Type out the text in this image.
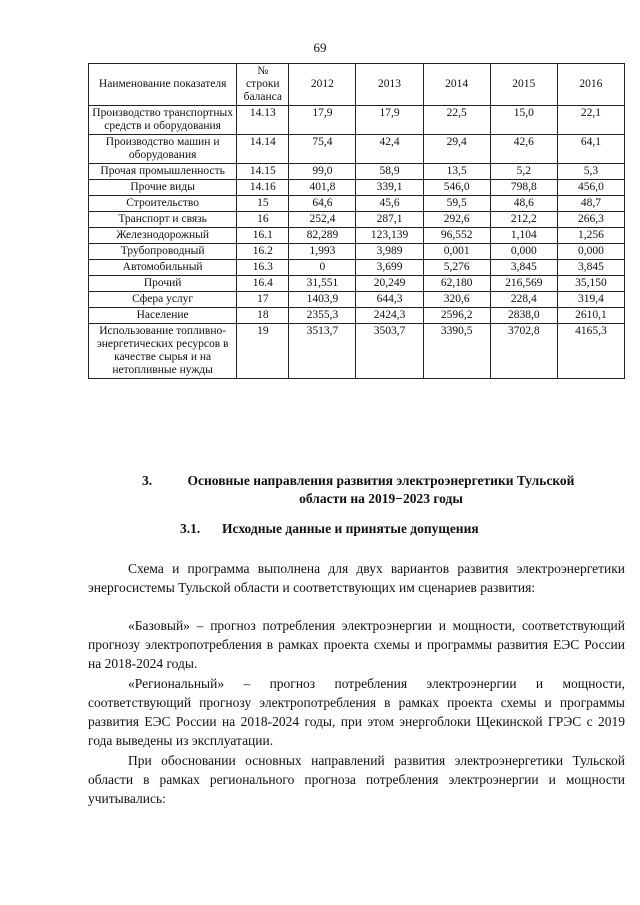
69
Наименование показателя	№ строки баланса	2012	2013	2014	2015	2016
Производство транспортных средств и оборудования	14.13	17,9	17,9	22,5	15,0	22,1
Производство машин и оборудования	14.14	75,4	42,4	29,4	42,6	64,1
Прочая промышленность	14.15	99,0	58,9	13,5	5,2	5,3
Прочие виды	14.16	401,8	339,1	546,0	798,8	456,0
Строительство	15	64,6	45,6	59,5	48,6	48,7
Транспорт и связь	16	252,4	287,1	292,6	212,2	266,3
Железнодорожный	16.1	82,289	123,139	96,552	1,104	1,256
Трубопроводный	16.2	1,993	3,989	0,001	0,000	0,000
Автомобильный	16.3	0	3,699	5,276	3,845	3,845
Прочий	16.4	31,551	20,249	62,180	216,569	35,150
Сфера услуг	17	1403,9	644,3	320,6	228,4	319,4
Население	18	2355,3	2424,3	2596,2	2838,0	2610,1
Использование топливно-энергетических ресурсов в качестве сырья и на нетопливные нужды	19	3513,7	3503,7	3390,5	3702,8	4165,3
3.	Основные направления развития электроэнергетики Тульской области на 2019−2023 годы
3.1. Исходные данные и принятые допущения

Схема и программа выполнена для двух вариантов развития электроэнергетики энергосистемы Тульской области и соответствующих им сценариев развития:

«Базовый» – прогноз потребления электроэнергии и мощности, соответствующий прогнозу электропотребления в рамках проекта схемы и программы развития ЕЭС России на 2018-2024 годы.

«Региональный» – прогноз потребления электроэнергии и мощности, соответствующий прогнозу электропотребления в рамках проекта схемы и программы развития ЕЭС России на 2018-2024 годы, при этом энергоблоки Щекинской ГРЭС с 2019 года выведены из эксплуатации.

При обосновании основных направлений развития электроэнергетики Тульской области в рамках регионального прогноза потребления электроэнергии и мощности учитывались:
